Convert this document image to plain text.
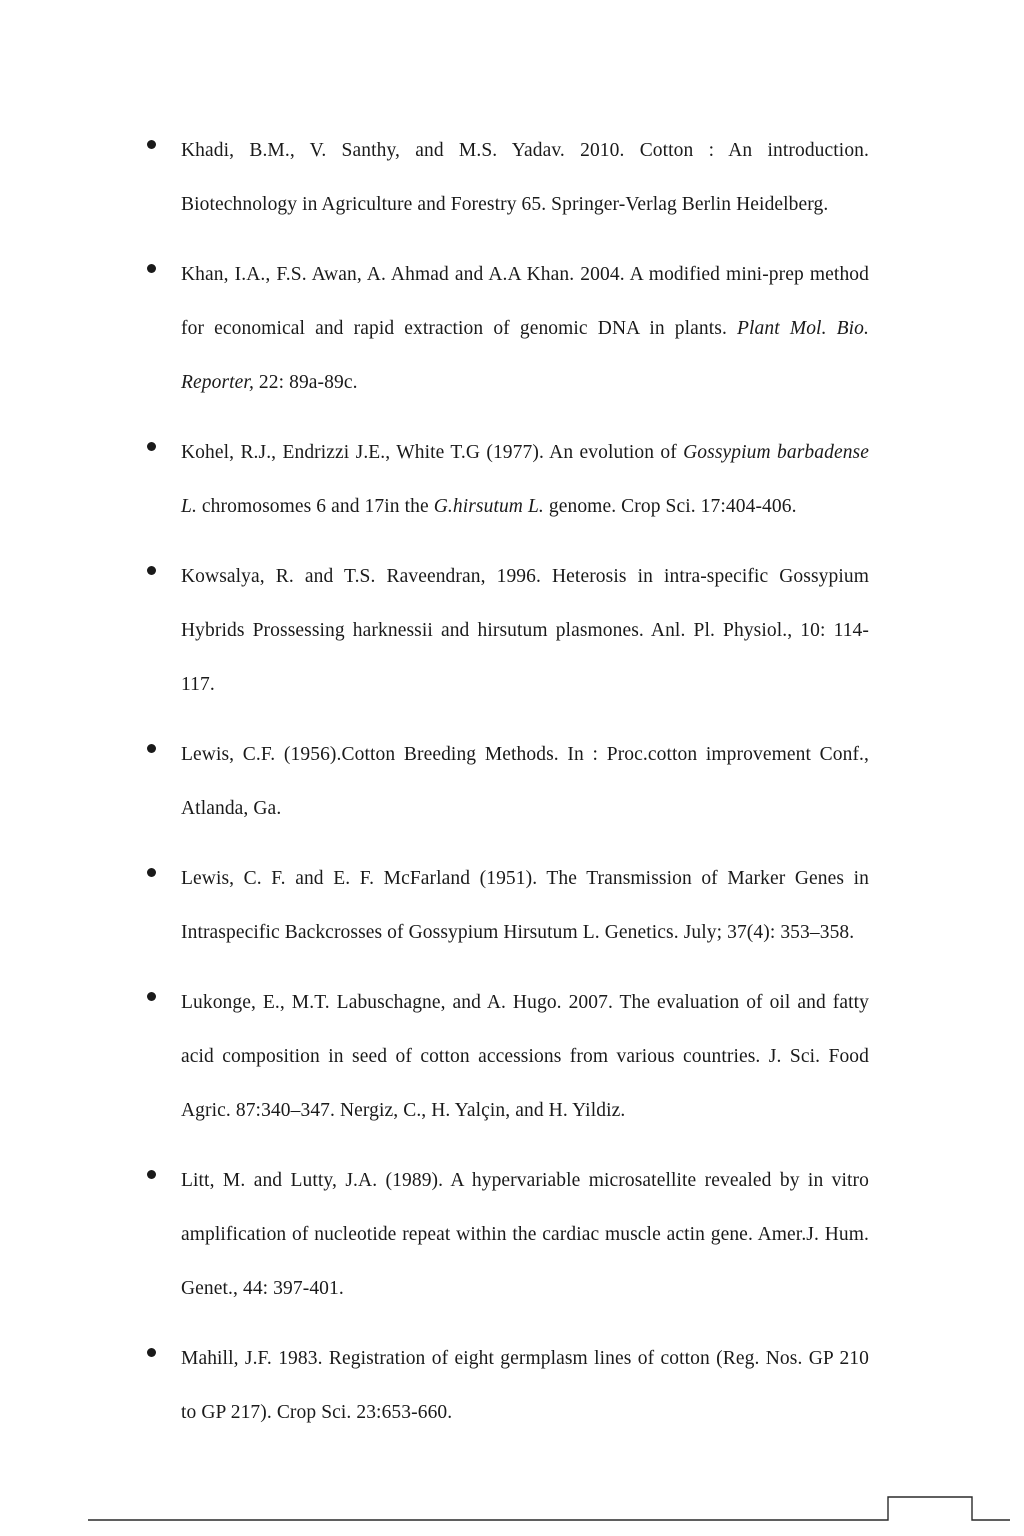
Khadi, B.M., V. Santhy, and M.S. Yadav. 2010. Cotton : An introduction. Biotechnology in Agriculture and Forestry 65. Springer-Verlag Berlin Heidelberg.
Khan, I.A., F.S. Awan, A. Ahmad and A.A Khan. 2004. A modified mini-prep method for economical and rapid extraction of genomic DNA in plants. Plant Mol. Bio. Reporter, 22: 89a-89c.
Kohel, R.J., Endrizzi J.E., White T.G (1977). An evolution of Gossypium barbadense L. chromosomes 6 and 17in the G.hirsutum L. genome. Crop Sci. 17:404-406.
Kowsalya, R. and T.S. Raveendran, 1996. Heterosis in intra-specific Gossypium Hybrids Prossessing harknessii and hirsutum plasmones. Anl. Pl. Physiol., 10: 114-117.
Lewis, C.F. (1956).Cotton Breeding Methods. In : Proc.cotton improvement Conf., Atlanda, Ga.
Lewis, C. F. and E. F. McFarland (1951). The Transmission of Marker Genes in Intraspecific Backcrosses of Gossypium Hirsutum L. Genetics. July; 37(4): 353–358.
Lukonge, E., M.T. Labuschagne, and A. Hugo. 2007. The evaluation of oil and fatty acid composition in seed of cotton accessions from various countries. J. Sci. Food Agric. 87:340–347. Nergiz, C., H. Yalçin, and H. Yildiz.
Litt, M. and Lutty, J.A. (1989). A hypervariable microsatellite revealed by in vitro amplification of nucleotide repeat within the cardiac muscle actin gene. Amer.J. Hum. Genet., 44: 397-401.
Mahill, J.F. 1983. Registration of eight germplasm lines of cotton (Reg. Nos. GP 210 to GP 217). Crop Sci. 23:653-660.
